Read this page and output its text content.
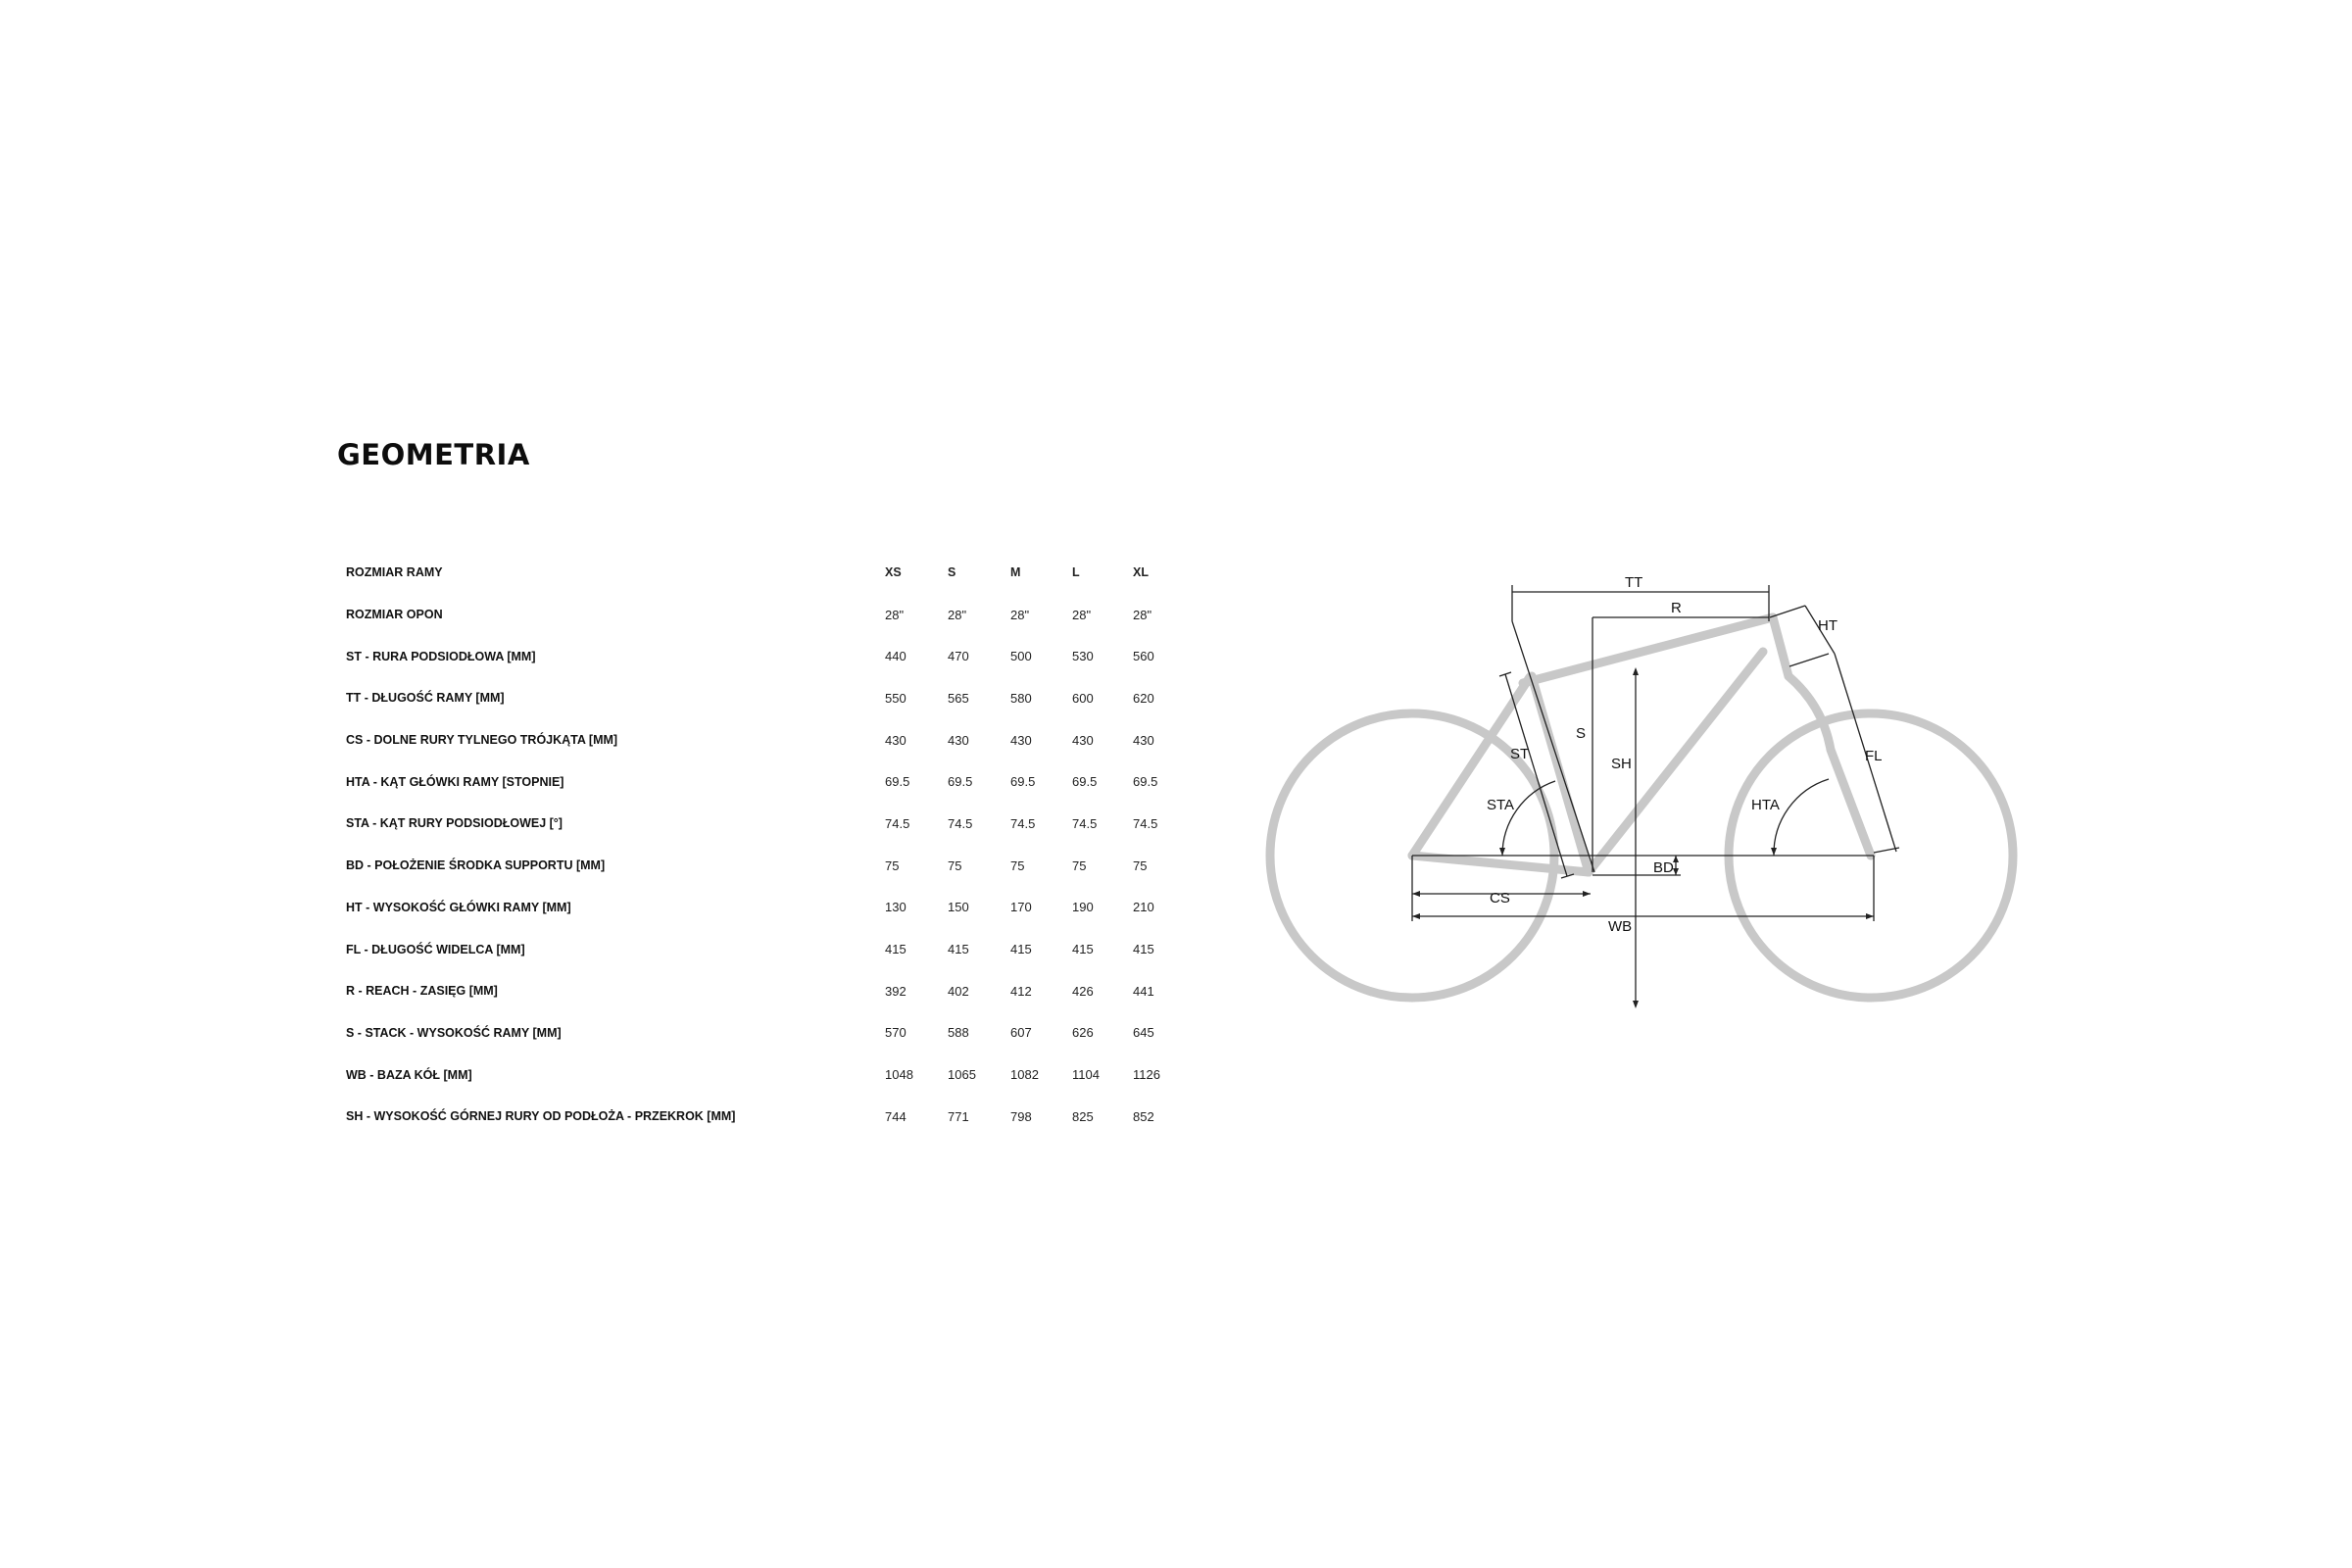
GEOMETRIA
ROZMIAR RAMY	XS	S	M	L	XL
ROZMIAR OPON	28"	28"	28"	28"	28"
ST - RURA PODSIODŁOWA [MM]	440	470	500	530	560
TT - DŁUGOŚĆ RAMY [MM]	550	565	580	600	620
CS - DOLNE RURY TYLNEGO TRÓJKĄTA [MM]	430	430	430	430	430
HTA - KĄT GŁÓWKI RAMY [STOPNIE]	69.5	69.5	69.5	69.5	69.5
STA - KĄT RURY PODSIODŁOWEJ [°]	74.5	74.5	74.5	74.5	74.5
BD - POŁOŻENIE ŚRODKA SUPPORTU [MM]	75	75	75	75	75
HT - WYSOKOŚĆ GŁÓWKI RAMY [MM]	130	150	170	190	210
FL - DŁUGOŚĆ WIDELCA [MM]	415	415	415	415	415
R - REACH - ZASIĘG [MM]	392	402	412	426	441
S - STACK - WYSOKOŚĆ RAMY [MM]	570	588	607	626	645
WB - BAZA KÓŁ [MM]	1048	1065	1082	1104	1126
SH - WYSOKOŚĆ GÓRNEJ RURY OD PODŁOŻA - PRZEKROK [MM]	744	771	798	825	852
TT
R
HT
ST
S
SH	FL
STA	HTA
BD
CS
WB
